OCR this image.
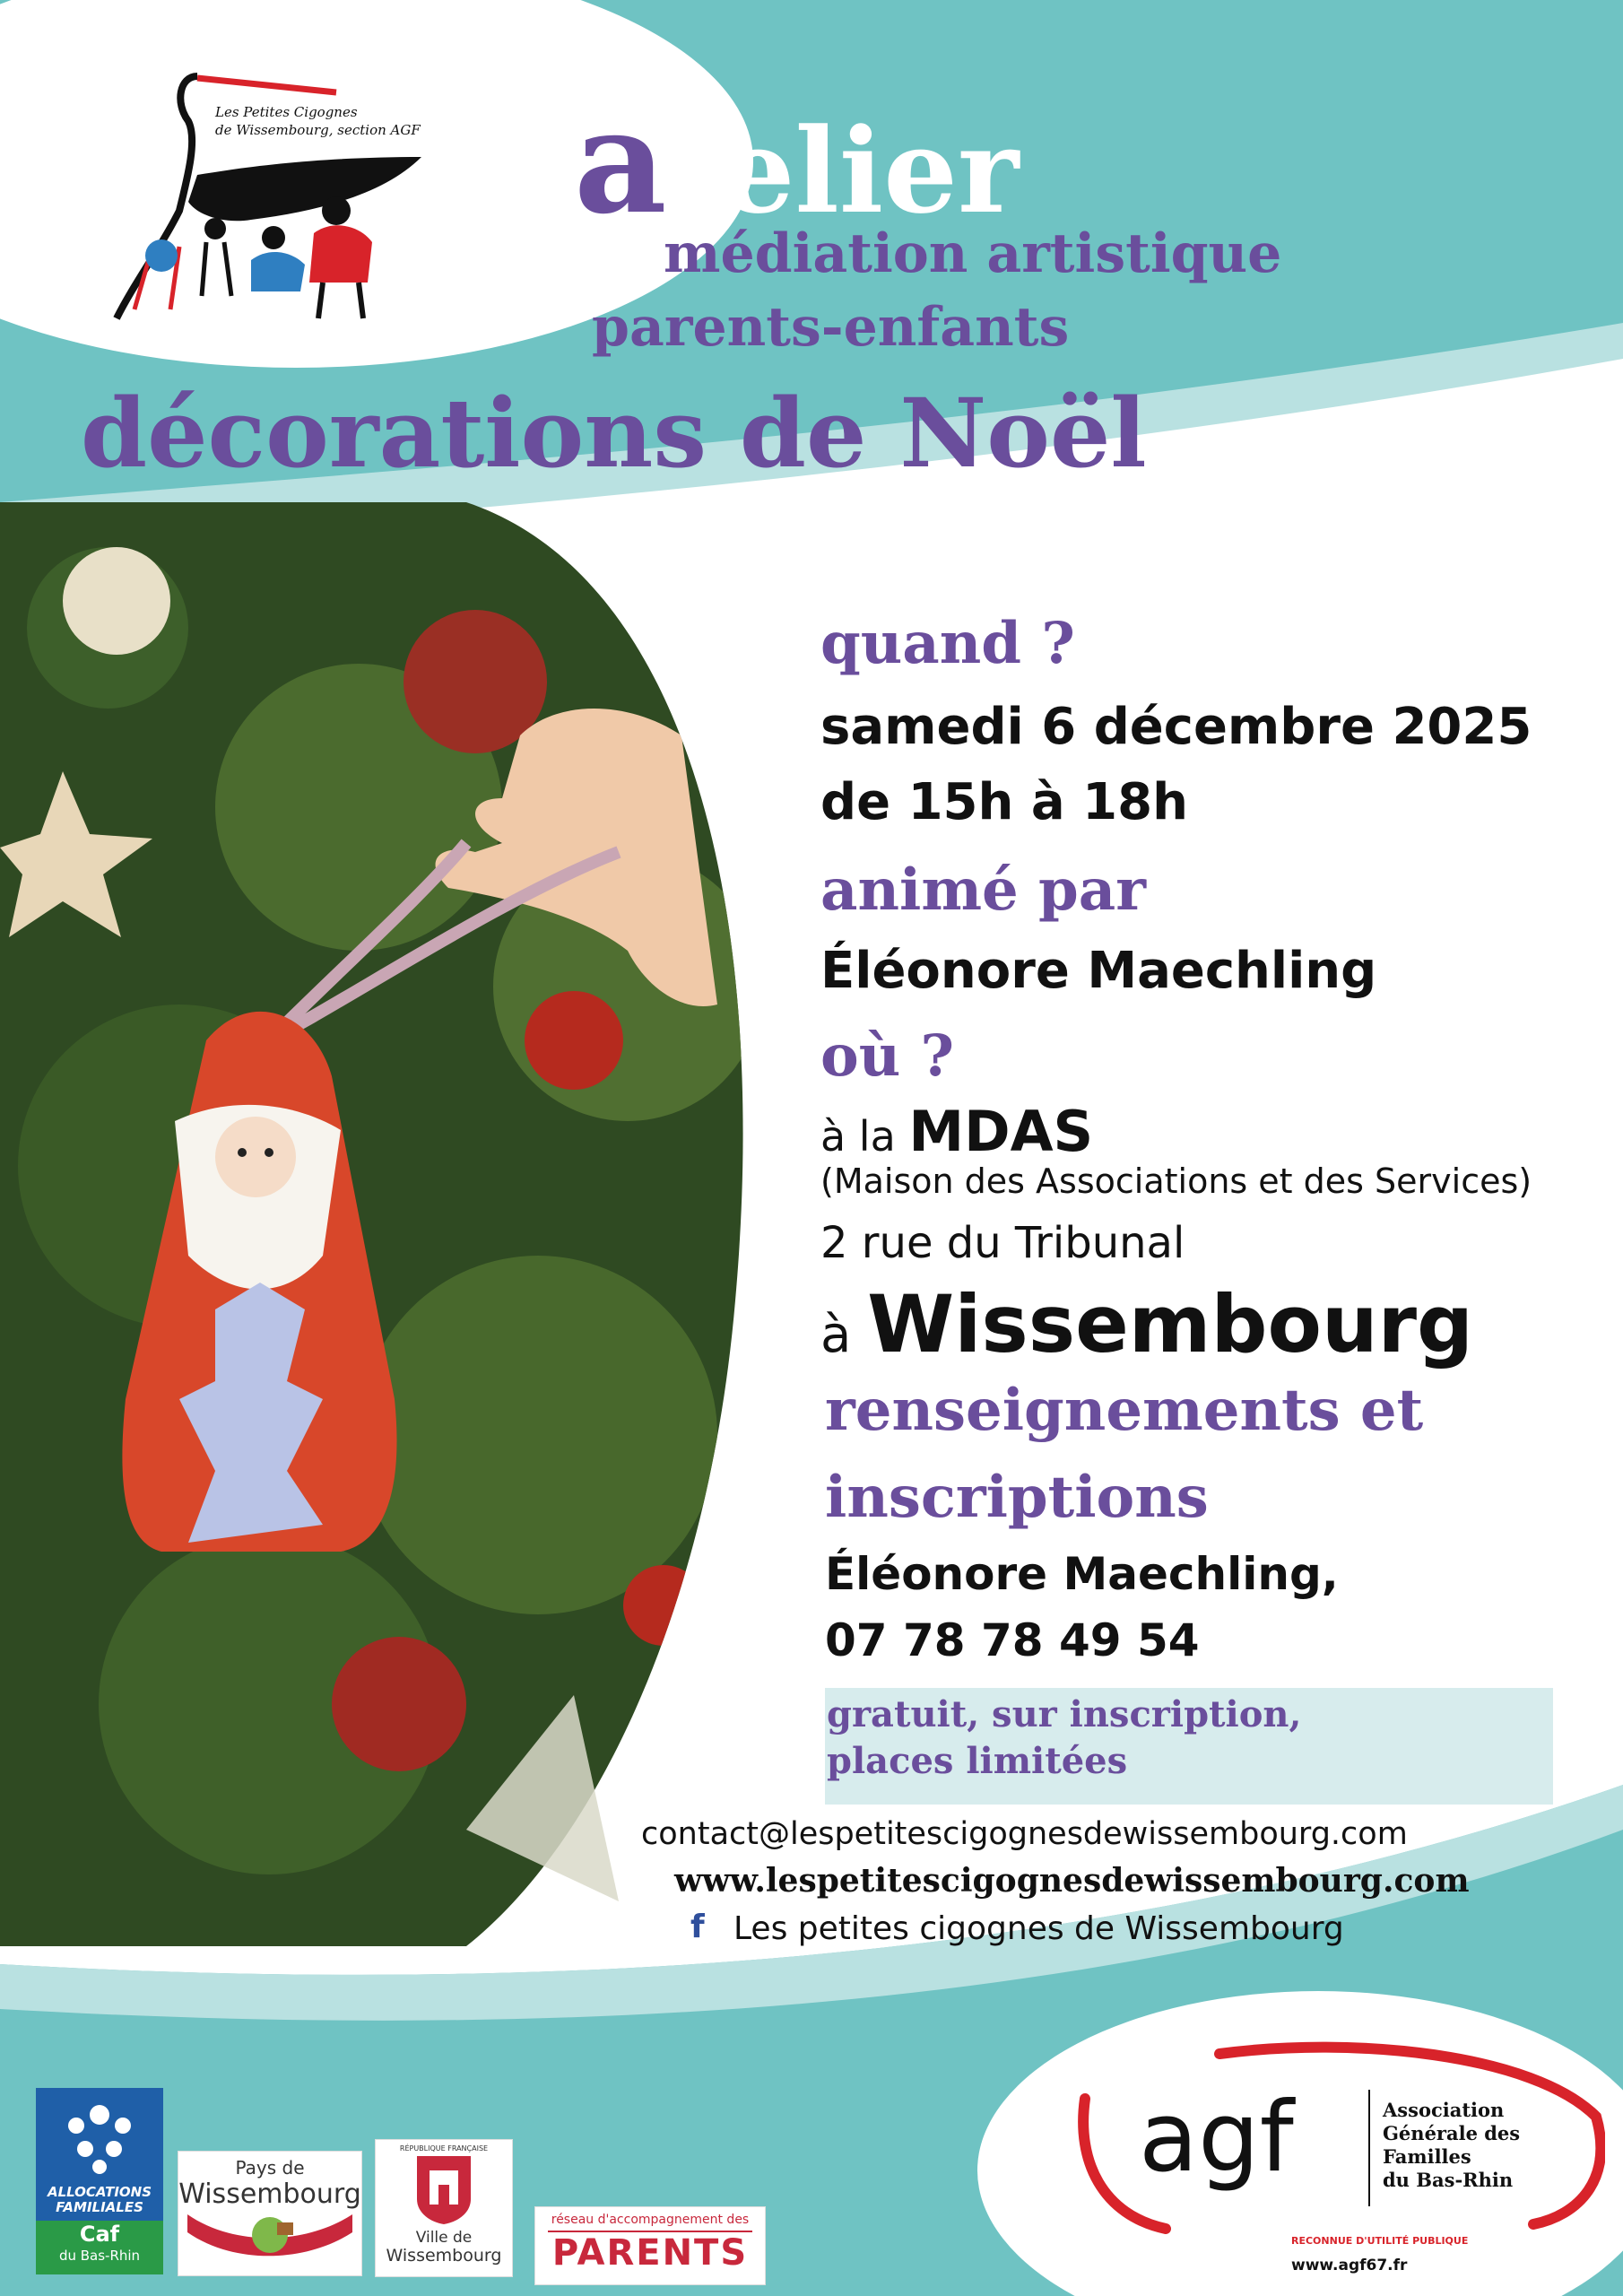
Les Petites Cigognes
de Wissembourg, section AGF atelier
médiation artistique
parents-enfants
décorations de Noël
quand ?
samedi 6 décembre 2025
de 15h à 18h
animé par
Éléonore Maechling
où ?
à la MDAS
(Maison des Associations et des Services)
2 rue du Tribunal
à Wissembourg
renseignements et
inscriptions
Éléonore Maechling,
07 78 78 49 54
gratuit, sur inscription,
places limitées
contact@lespetitescigognesdewissembourg.com
www.lespetitescigognesdewissembourg.com
f Les petites cigognes de Wissembourg
ALLOCATIONS
FAMILIALES
Caf
du Bas-Rhin
Pays de
Wissembourg
RÉPUBLIQUE FRANÇAISE
Ville de
Wissembourg
réseau d'accompagnement des
PARENTS
agf	Association
Générale des
Familles
du Bas-Rhin
RECONNUE D'UTILITÉ PUBLIQUE
www.agf67.fr
